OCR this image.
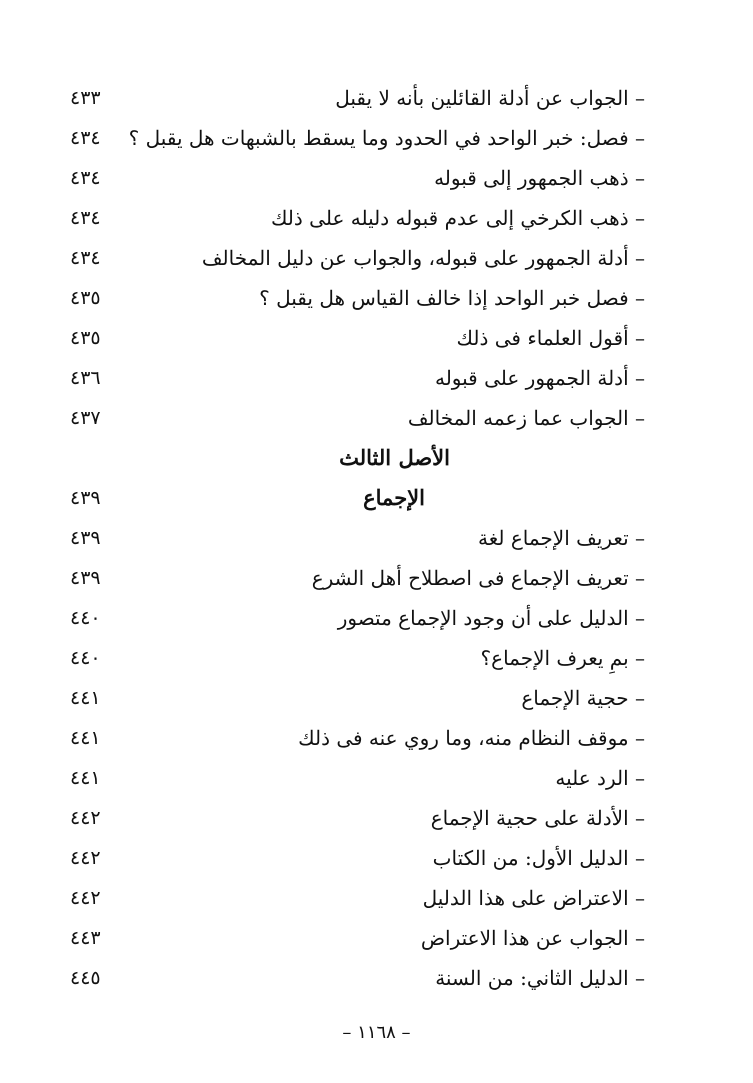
– الجواب عن أدلة القائلين بأنه لا يقبل
٤٣٣
– فصل: خبر الواحد في الحدود وما يسقط بالشبهات هل يقبل ؟
٤٣٤
– ذهب الجمهور إلى قبوله
٤٣٤
– ذهب الكرخي إلى عدم قبوله دليله على ذلك
٤٣٤
– أدلة الجمهور على قبوله، والجواب عن دليل المخالف
٤٣٤
– فصل خبر الواحد إذا خالف القياس هل يقبل ؟
٤٣٥
– أقول العلماء فى ذلك
٤٣٥
– أدلة الجمهور على قبوله
٤٣٦
– الجواب عما زعمه المخالف
٤٣٧
الأصل الثالث
الإجماع
٤٣٩
– تعريف الإجماع لغة
٤٣٩
– تعريف الإجماع فى اصطلاح أهل الشرع
٤٣٩
– الدليل على أن وجود الإجماع متصور
٤٤٠
– بمِ يعرف الإجماع؟
٤٤٠
– حجية الإجماع
٤٤١
– موقف النظام منه، وما روي عنه فى ذلك
٤٤١
– الرد عليه
٤٤١
– الأدلة على حجية الإجماع
٤٤٢
– الدليل الأول: من الكتاب
٤٤٢
– الاعتراض على هذا الدليل
٤٤٢
– الجواب عن هذا الاعتراض
٤٤٣
– الدليل الثاني: من السنة
٤٤٥
– ١١٦٨ –
